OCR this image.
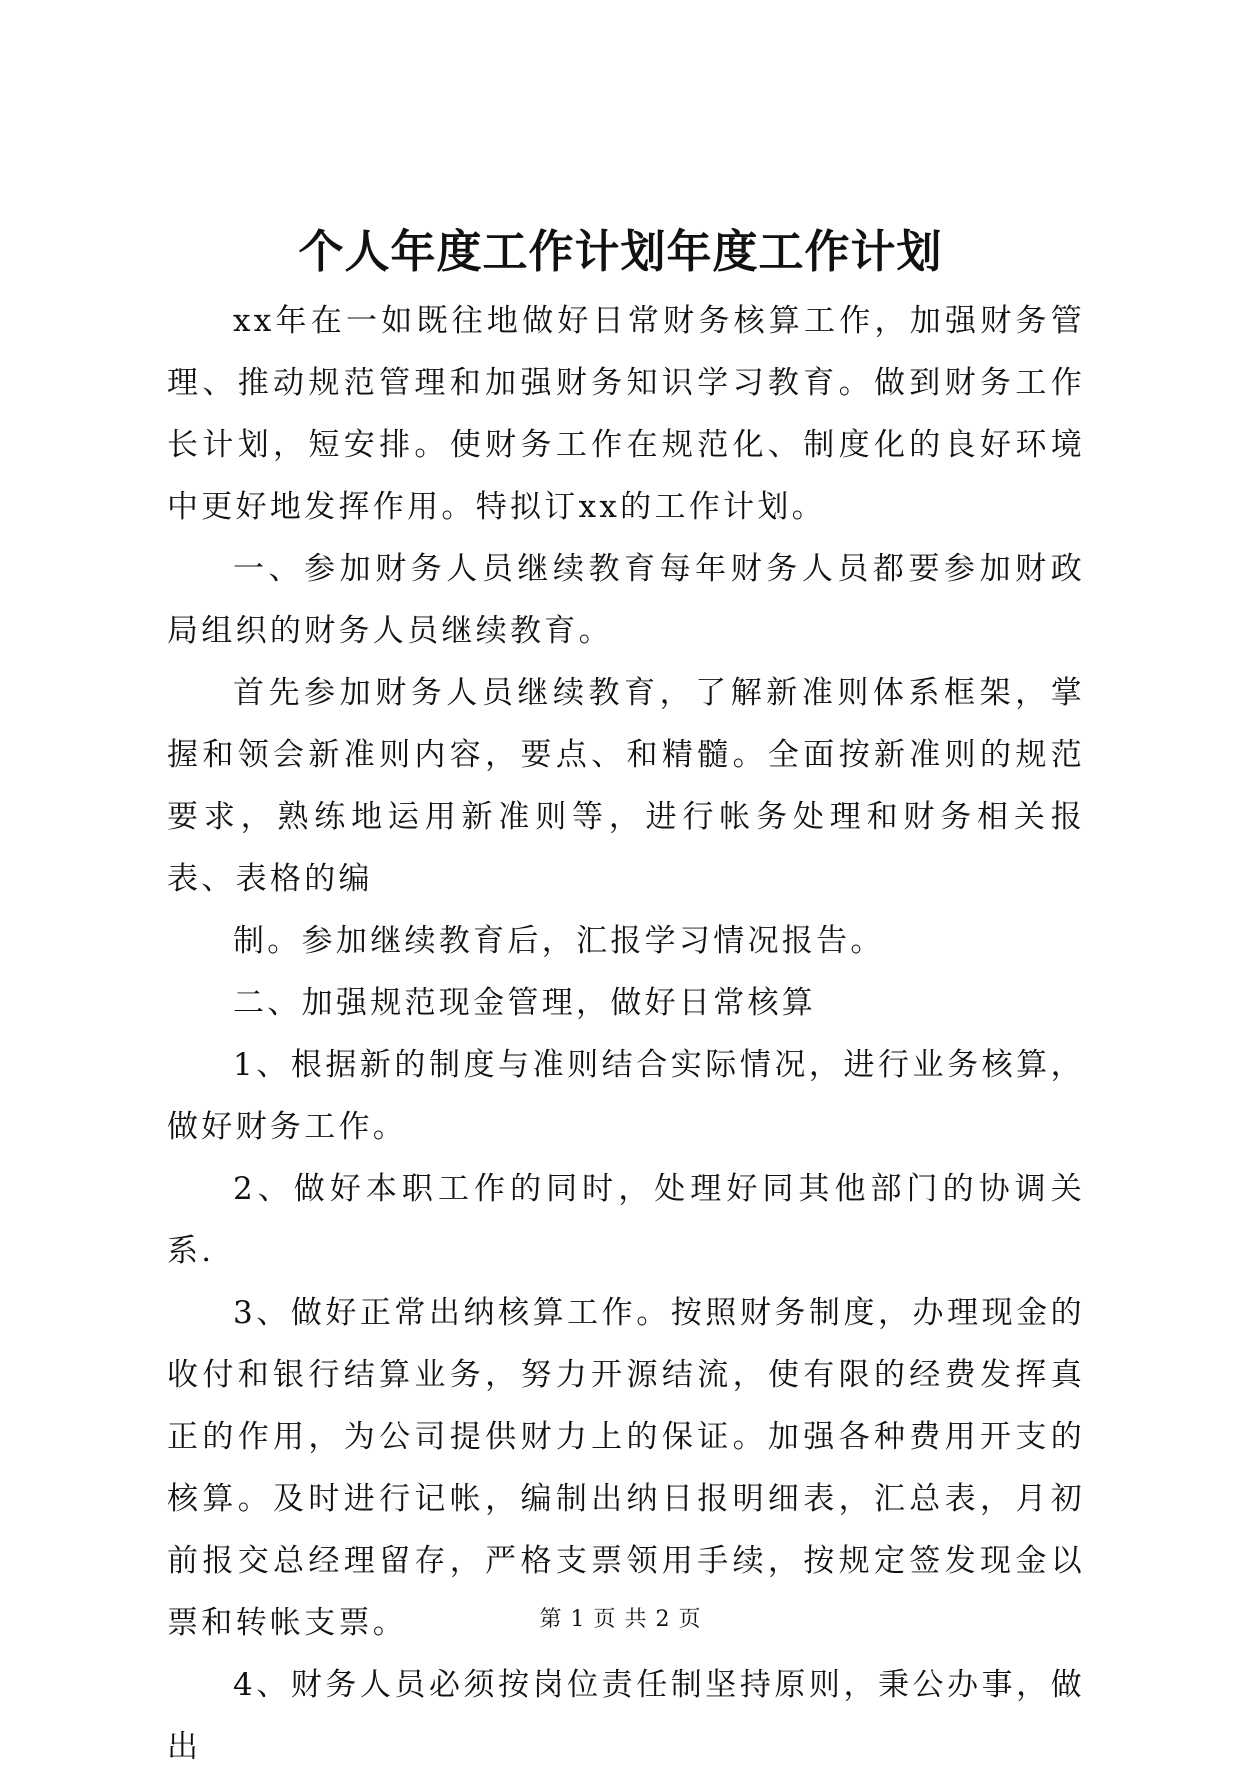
个人年度工作计划年度工作计划

xx年在一如既往地做好日常财务核算工作，加强财务管理、推动规范管理和加强财务知识学习教育。做到财务工作长计划，短安排。使财务工作在规范化、制度化的良好环境中更好地发挥作用。特拟订xx的工作计划。

一、参加财务人员继续教育每年财务人员都要参加财政局组织的财务人员继续教育。

首先参加财务人员继续教育，了解新准则体系框架，掌握和领会新准则内容，要点、和精髓。全面按新准则的规范要求，熟练地运用新准则等，进行帐务处理和财务相关报表、表格的编

制。参加继续教育后，汇报学习情况报告。

二、加强规范现金管理，做好日常核算

1、根据新的制度与准则结合实际情况，进行业务核算，做好财务工作。

2、做好本职工作的同时，处理好同其他部门的协调关系.

3、做好正常出纳核算工作。按照财务制度，办理现金的收付和银行结算业务，努力开源结流，使有限的经费发挥真正的作用，为公司提供财力上的保证。加强各种费用开支的核算。及时进行记帐，编制出纳日报明细表，汇总表，月初前报交总经理留存，严格支票领用手续，按规定签发现金以票和转帐支票。

4、财务人员必须按岗位责任制坚持原则，秉公办事，做出

第 1 页 共 2 页
